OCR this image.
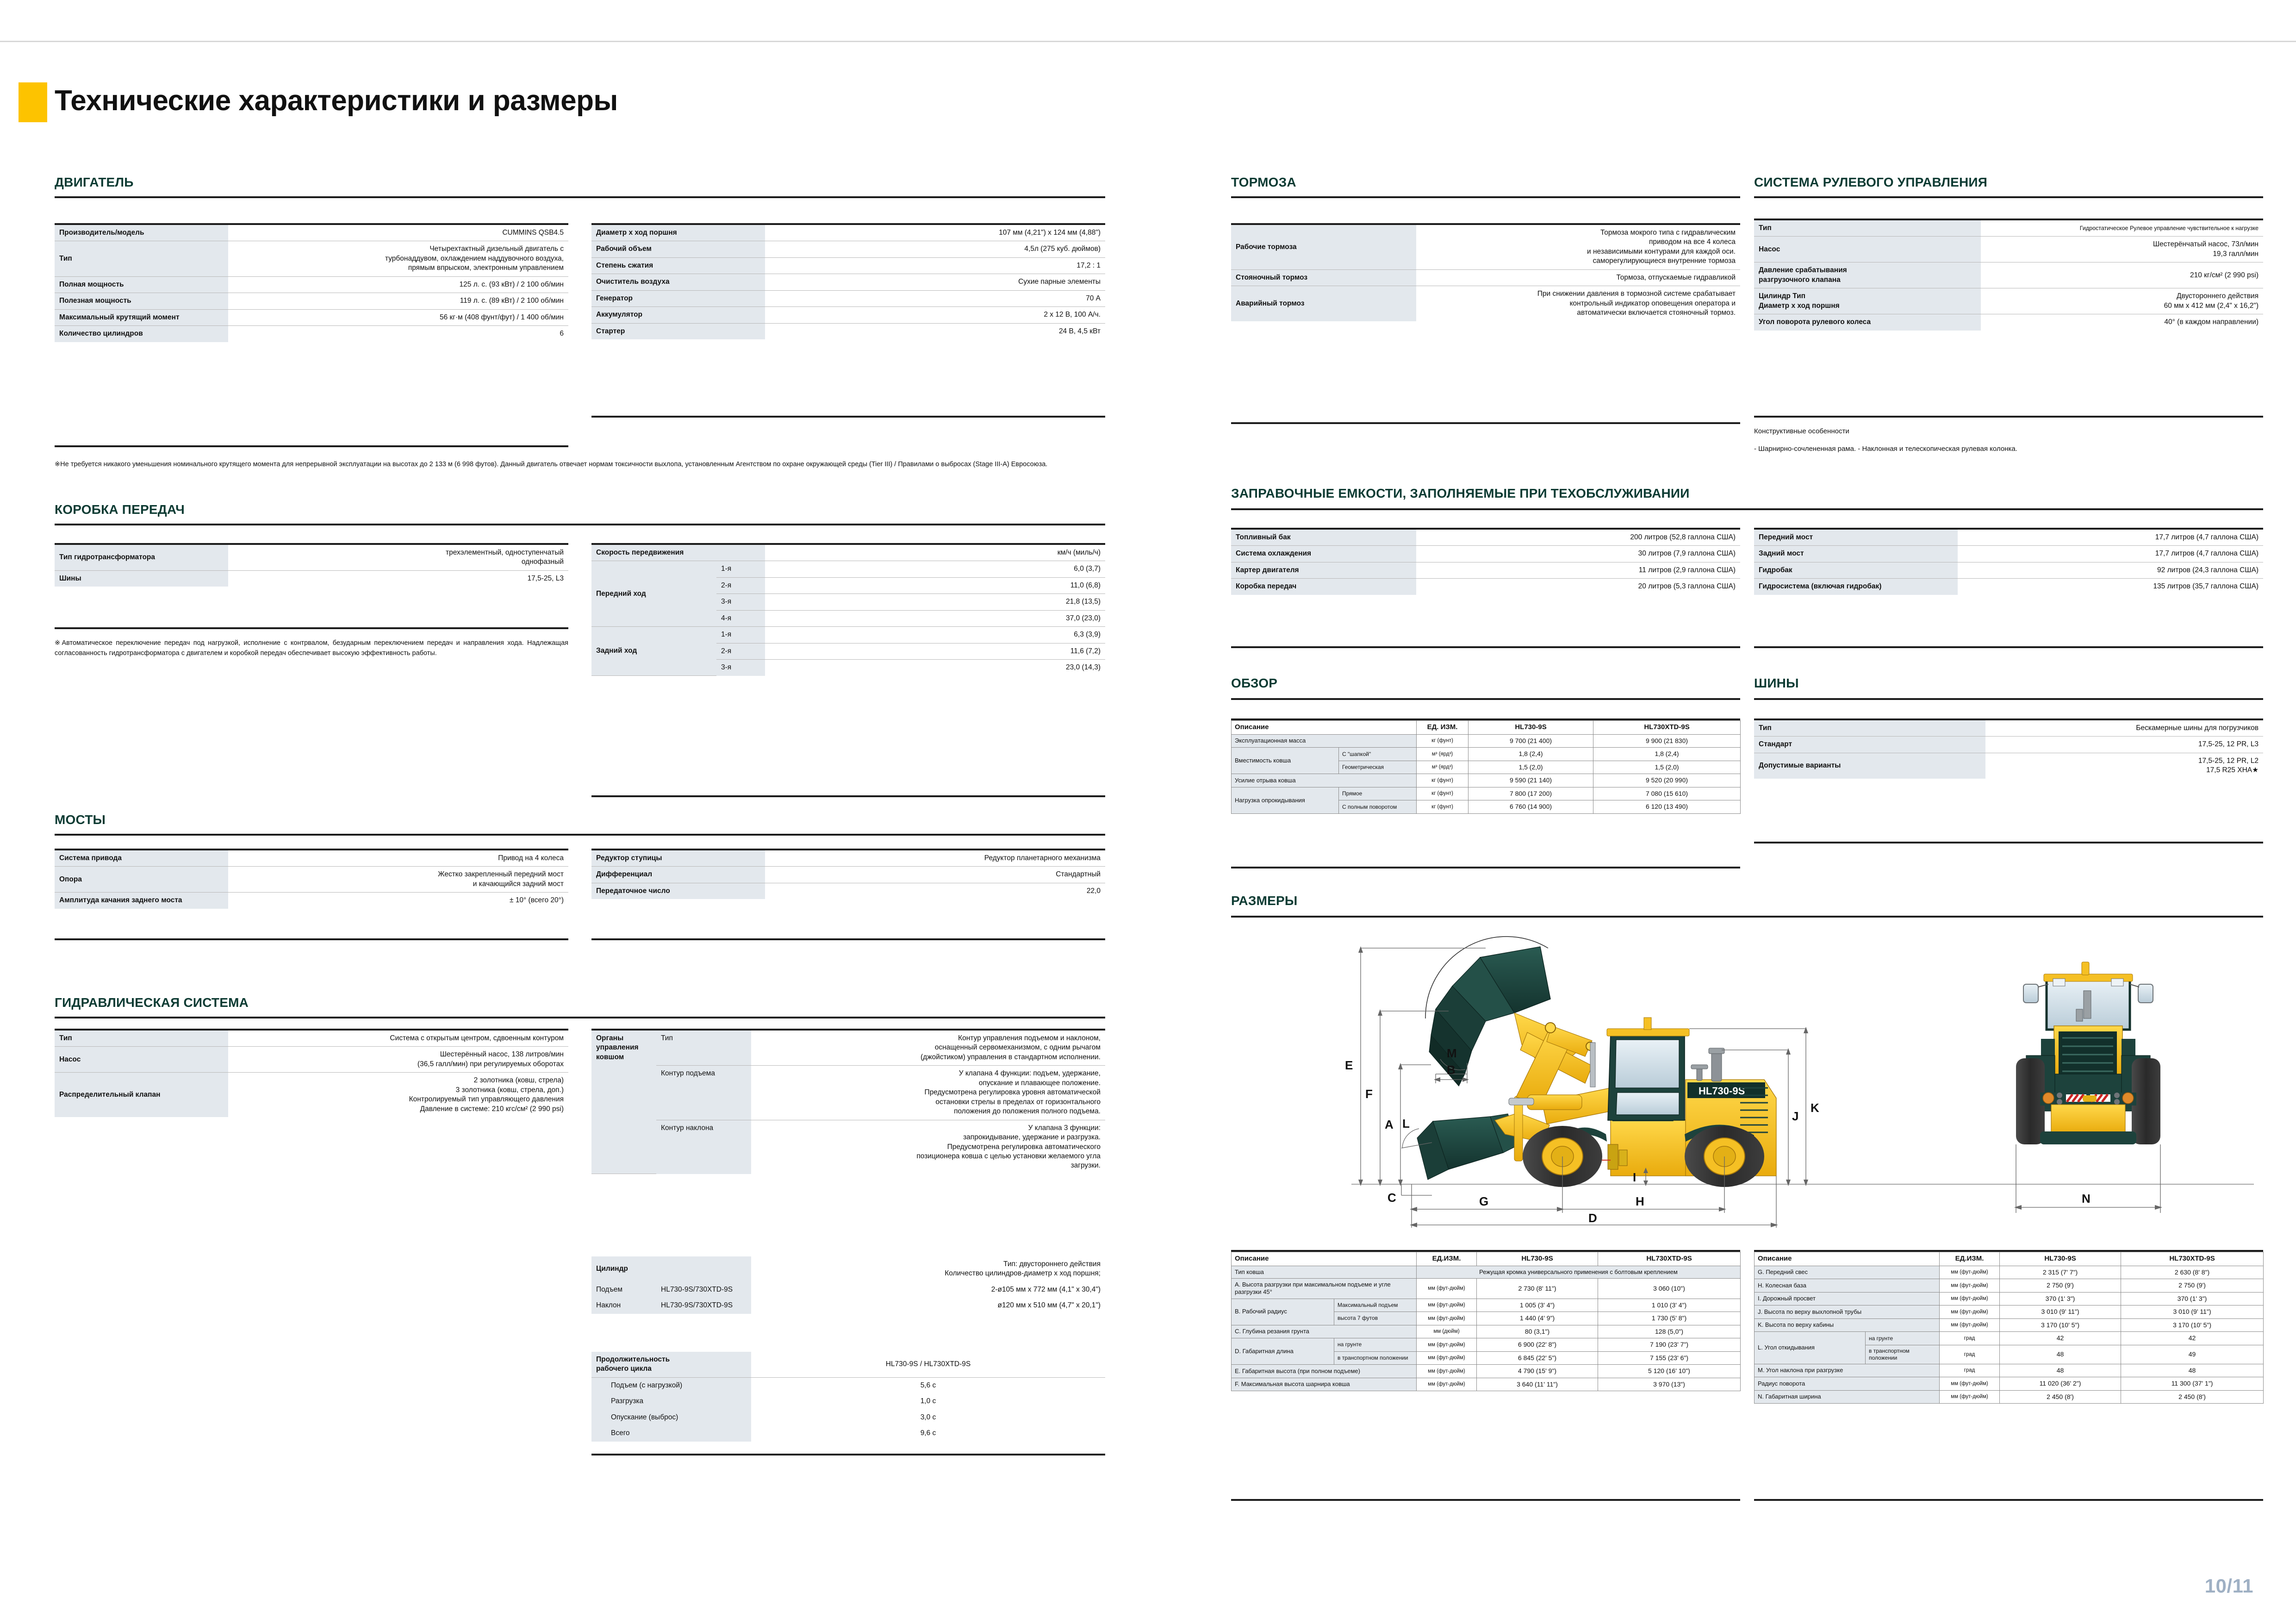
Технические характеристики и размеры
10/11
ДВИГАТЕЛЬ
Производитель/модель	CUMMINS QSB4.5
Тип	Четырехтактный дизельный двигатель с
турбонаддувом, охлаждением наддувочного воздуха,
прямым впрыском, электронным управлением
Полная мощность	125 л. с. (93 кВт) / 2 100 об/мин
Полезная мощность	119 л. с. (89 кВт) / 2 100 об/мин
Максимальный крутящий момент	56 кг·м (408 фунт/фут) / 1 400 об/мин
Количество цилиндров	6
Диаметр х ход поршня	107 мм (4,21") х 124 мм (4,88")
Рабочий объем	4,5л (275 куб. дюймов)
Степень сжатия	17,2 : 1
Очиститель воздуха	Сухие парные элементы
Генератор	70 А
Аккумулятор	2 х 12 В, 100 А/ч.
Стартер	24 В, 4,5 кВт
※Не требуется никакого уменьшения номинального крутящего момента для непрерывной эксплуатации на высотах до 2 133 м (6 998 футов). Данный двигатель отвечает нормам токсичности выхлопа, установленным Агентством по охране окружающей среды (Tier III) / Правилами о выбросах (Stage III-A) Евросоюза.
КОРОБКА ПЕРЕДАЧ
Тип гидротрансформатора	трехэлементный, одноступенчатый
однофазный
Шины	17,5-25, L3
※Автоматическое переключение передач под нагрузкой, исполнение с контрвалом, безударным переключением передач и направления хода. Надлежащая согласованность гидротрансформатора с двигателем и коробкой передач обеспечивает высокую эффективность работы.
Скорость передвижения		км/ч (миль/ч)
Передний ход	1-я	6,0 (3,7)
	2-я	11,0 (6,8)
	3-я	21,8 (13,5)
	4-я	37,0 (23,0)
Задний ход	1-я	6,3 (3,9)
	2-я	11,6 (7,2)
	3-я	23,0 (14,3)
МОСТЫ
Система привода	Привод на 4 колеса
Опора	Жестко закрепленный передний мост
и качающийся задний мост
Амплитуда качания заднего моста	± 10° (всего 20°)
Редуктор ступицы	Редуктор планетарного механизма
Дифференциал	Стандартный
Передаточное число	22,0
ГИДРАВЛИЧЕСКАЯ СИСТЕМА
Тип	Система с открытым центром, сдвоенным контуром
Насос	Шестерённый насос, 138 литров/мин
(36,5 галл/мин) при регулируемых оборотах
Распределительный клапан	2 золотника (ковш, стрела)
3 золотника (ковш, стрела, доп.)
Контролируемый тип управляющего давления
Давление в системе: 210 кгс/см² (2 990 psi)
Органы
управления
ковшом	Тип	Контур управления подъемом и наклоном,
оснащенный сервомеханизмом, с одним рычагом
(джойстиком) управления в стандартном исполнении.
	Контур подъема	У клапана 4 функции: подъем, удержание,
опускание и плавающее положение.
Предусмотрена регулировка уровня автоматической
остановки стрелы в пределах от горизонтального
положения до положения полного подъема.
	Контур наклона	У клапана 3 функции:
запрокидывание, удержание и разгрузка.
Предусмотрена регулировка автоматического
позиционера ковша с целью установки желаемого угла
загрузки.
Цилиндр		Тип: двустороннего действия
Количество цилиндров-диаметр х ход поршня;
Подъем	HL730-9S/730XTD-9S	2-ø105 мм х 772 мм (4,1" х 30,4")
Наклон	HL730-9S/730XTD-9S	ø120 мм х 510 мм (4,7" х 20,1")
Продолжительность
рабочего цикла	HL730-9S / HL730XTD-9S
Подъем (с нагрузкой)	5,6 с
Разгрузка	1,0 с
Опускание (выброс)	3,0 с
Всего	9,6 с
ТОРМОЗА
Рабочие тормоза	Тормоза мокрого типа с гидравлическим
приводом на все 4 колеса
и независимыми контурами для каждой оси.
саморегулирующиеся внутренние тормоза
Стояночный тормоз	Тормоза, отпускаемые гидравликой
Аварийный тормоз	При снижении давления в тормозной системе срабатывает
контрольный индикатор оповещения оператора и
автоматически включается стояночный тормоз.
СИСТЕМА РУЛЕВОГО УПРАВЛЕНИЯ
Тип	Гидростатическое Рулевое управление чувствительное к нагрузке
Насос	Шестерёнчатый насос, 73л/мин
19,3 галл/мин
Давление срабатывания
разгрузочного клапана	210 кг/см² (2 990 psi)
Цилиндр Тип
Диаметр х ход поршня	Двустороннего действия
60 мм х 412 мм (2,4" х 16,2")
Угол поворота рулевого колеса	40° (в каждом направлении)
Конструктивные особенности
- Шарнирно-сочлененная рама. - Наклонная и телескопическая рулевая колонка.
ЗАПРАВОЧНЫЕ ЕМКОСТИ, ЗАПОЛНЯЕМЫЕ ПРИ ТЕХОБСЛУЖИВАНИИ
Топливный бак	200 литров (52,8 галлона США)
Система охлаждения	30 литров (7,9 галлона США)
Картер двигателя	11 литров (2,9 галлона США)
Коробка передач	20 литров (5,3 галлона США)
Передний мост	17,7 литров (4,7 галлона США)
Задний мост	17,7 литров (4,7 галлона США)
Гидробак	92 литров (24,3 галлона США)
Гидросистема (включая гидробак)	135 литров (35,7 галлона США)
ОБЗОР
Описание		ЕД. ИЗМ.	HL730-9S	HL730XTD-9S
Эксплуатационная масса		кг (фунт)	9 700 (21 400)	9 900 (21 830)
Вместимость ковша	С "шапкой"	м³ (ярд³)	1,8 (2,4)	1,8 (2,4)
	Геометрическая	м³ (ярд³)	1,5 (2,0)	1,5 (2,0)
Усилие отрыва ковша		кг (фунт)	9 590 (21 140)	9 520 (20 990)
Нагрузка опрокидывания	Прямое	кг (фунт)	7 800 (17 200)	7 080 (15 610)
	С полным поворотом	кг (фунт)	6 760 (14 900)	6 120 (13 490)
ШИНЫ
Тип	Бескамерные шины для погрузчиков
Стандарт	17,5-25, 12 PR, L3
Допустимые варианты	17,5-25, 12 PR, L2
17,5 R25 XHA★
РАЗМЕРЫ
HL730-9S
E
F
A
C
L
M
B
G	H
D
I
J
K
N
Описание		ЕД.ИЗМ.	HL730-9S	HL730XTD-9S
Тип ковша		Режущая кромка универсального применения с болтовым креплением		
A. Высота разгрузки при максимальном подъеме и угле разгрузки 45°		мм (фут-дюйм)	2 730 (8' 11")	3 060 (10")
B. Рабочий радиус	Максимальный подъем	мм (фут-дюйм)	1 005 (3' 4")	1 010 (3' 4")
	высота 7 футов	мм (фут-дюйм)	1 440 (4' 9")	1 730 (5' 8")
C. Глубина резания грунта		мм (дюйм)	80 (3,1")	128 (5,0")
D. Габаритная длина	на грунте	мм (фут-дюйм)	6 900 (22' 8")	7 190 (23' 7")
	в транспортном положении	мм (фут-дюйм)	6 845 (22' 5")	7 155 (23' 6")
E. Габаритная высота (при полном подъеме)		мм (фут-дюйм)	4 790 (15' 9")	5 120 (16' 10")
F. Максимальная высота шарнира ковша		мм (фут-дюйм)	3 640 (11' 11")	3 970 (13")
Описание		ЕД.ИЗМ.	HL730-9S	HL730XTD-9S
G. Передний свес		мм (фут-дюйм)	2 315 (7' 7")	2 630 (8' 8")
H. Колесная база		мм (фут-дюйм)	2 750 (9')	2 750 (9')
I. Дорожный просвет		мм (фут-дюйм)	370 (1' 3")	370 (1' 3")
J. Высота по верху выхлопной трубы		мм (фут-дюйм)	3 010 (9' 11")	3 010 (9' 11")
K. Высота по верху кабины		мм (фут-дюйм)	3 170 (10' 5")	3 170 (10' 5")
L. Угол откидывания	на грунте	град	42	42
	в транспортном положении	град	48	49
M. Угол наклона при разгрузке		град	48	48
Радиус поворота		мм (фут-дюйм)	11 020 (36' 2")	11 300 (37' 1")
N. Габаритная ширина		мм (фут-дюйм)	2 450 (8')	2 450 (8')
